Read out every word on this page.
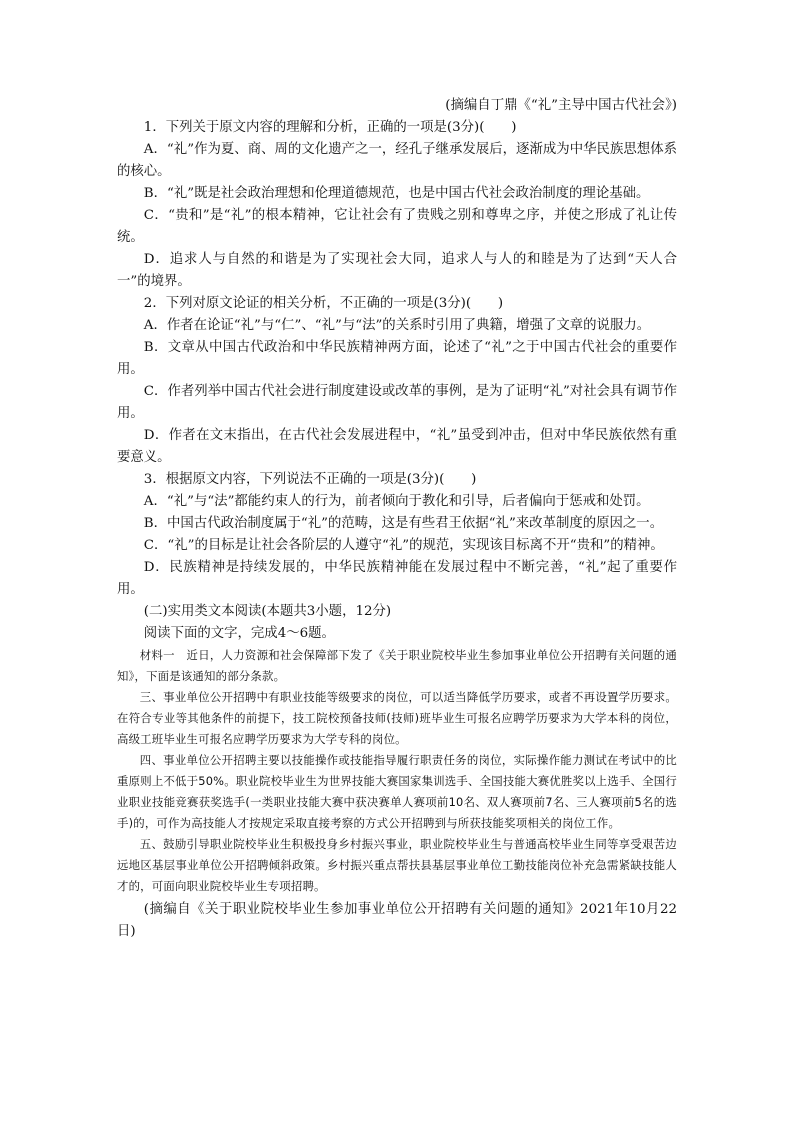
(摘编自丁鼎《“礼”主导中国古代社会》)

1．下列关于原文内容的理解和分析，正确的一项是(3分)(　　)

A．“礼”作为夏、商、周的文化遗产之一，经孔子继承发展后，逐渐成为中华民族思想体系的核心。

B．“礼”既是社会政治理想和伦理道德规范，也是中国古代社会政治制度的理论基础。

C．“贵和”是“礼”的根本精神，它让社会有了贵贱之别和尊卑之序，并使之形成了礼让传统。

D．追求人与自然的和谐是为了实现社会大同，追求人与人的和睦是为了达到“天人合一”的境界。

2．下列对原文论证的相关分析，不正确的一项是(3分)(　　)

A．作者在论证“礼”与“仁”、“礼”与“法”的关系时引用了典籍，增强了文章的说服力。

B．文章从中国古代政治和中华民族精神两方面，论述了“礼”之于中国古代社会的重要作用。

C．作者列举中国古代社会进行制度建设或改革的事例，是为了证明“礼”对社会具有调节作用。

D．作者在文末指出，在古代社会发展进程中，“礼”虽受到冲击，但对中华民族依然有重要意义。

3．根据原文内容，下列说法不正确的一项是(3分)(　　)

A．“礼”与“法”都能约束人的行为，前者倾向于教化和引导，后者偏向于惩戒和处罚。

B．中国古代政治制度属于“礼”的范畴，这是有些君王依据“礼”来改革制度的原因之一。

C．“礼”的目标是让社会各阶层的人遵守“礼”的规范，实现该目标离不开“贵和”的精神。

D．民族精神是持续发展的，中华民族精神能在发展过程中不断完善，“礼”起了重要作用。

(二)实用类文本阅读(本题共3小题，12分)

阅读下面的文字，完成4～6题。

材料一　近日，人力资源和社会保障部下发了《关于职业院校毕业生参加事业单位公开招聘有关问题的通知》，下面是该通知的部分条款。

三、事业单位公开招聘中有职业技能等级要求的岗位，可以适当降低学历要求，或者不再设置学历要求。在符合专业等其他条件的前提下，技工院校预备技师(技师)班毕业生可报名应聘学历要求为大学本科的岗位，高级工班毕业生可报名应聘学历要求为大学专科的岗位。

四、事业单位公开招聘主要以技能操作或技能指导履行职责任务的岗位，实际操作能力测试在考试中的比重原则上不低于50%。职业院校毕业生为世界技能大赛国家集训选手、全国技能大赛优胜奖以上选手、全国行业职业技能竞赛获奖选手(一类职业技能大赛中获决赛单人赛项前10名、双人赛项前7名、三人赛项前5名的选手)的，可作为高技能人才按规定采取直接考察的方式公开招聘到与所获技能奖项相关的岗位工作。

五、鼓励引导职业院校毕业生积极投身乡村振兴事业，职业院校毕业生与普通高校毕业生同等享受艰苦边远地区基层事业单位公开招聘倾斜政策。乡村振兴重点帮扶县基层事业单位工勤技能岗位补充急需紧缺技能人才的，可面向职业院校毕业生专项招聘。

(摘编自《关于职业院校毕业生参加事业单位公开招聘有关问题的通知》2021年10月22日)
